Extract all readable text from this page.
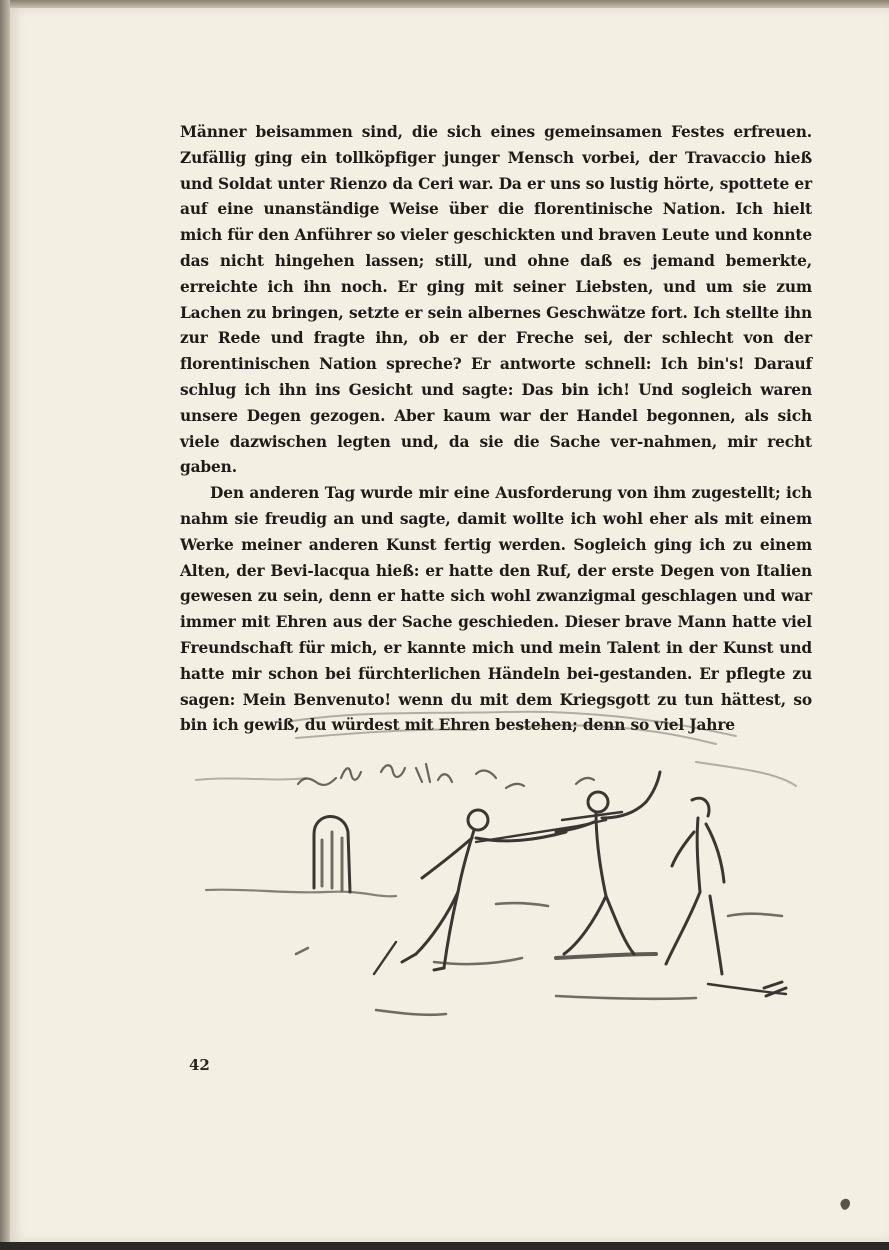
Männer beisammen sind, die sich eines gemeinsamen Festes erfreuen. Zufällig ging ein tollköpfiger junger Mensch vorbei, der Travaccio hieß und Soldat unter Rienzo da Ceri war. Da er uns so lustig hörte, spottete er auf eine unanständige Weise über die florentinische Nation. Ich hielt mich für den Anführer so vieler geschickten und braven Leute und konnte das nicht hingehen lassen; still, und ohne daß es jemand bemerkte, erreichte ich ihn noch. Er ging mit seiner Liebsten, und um sie zum Lachen zu bringen, setzte er sein albernes Geschwätze fort. Ich stellte ihn zur Rede und fragte ihn, ob er der Freche sei, der schlecht von der florentinischen Nation spreche? Er antworte schnell: Ich bin's! Darauf schlug ich ihn ins Gesicht und sagte: Das bin ich! Und sogleich waren unsere Degen gezogen. Aber kaum war der Handel begonnen, als sich viele dazwischen legten und, da sie die Sache ver-nahmen, mir recht gaben.

Den anderen Tag wurde mir eine Ausforderung von ihm zugestellt; ich nahm sie freudig an und sagte, damit wollte ich wohl eher als mit einem Werke meiner anderen Kunst fertig werden. Sogleich ging ich zu einem Alten, der Bevi-lacqua hieß: er hatte den Ruf, der erste Degen von Italien gewesen zu sein, denn er hatte sich wohl zwanzigmal geschlagen und war immer mit Ehren aus der Sache geschieden. Dieser brave Mann hatte viel Freundschaft für mich, er kannte mich und mein Talent in der Kunst und hatte mir schon bei fürchterlichen Händeln bei-gestanden. Er pflegte zu sagen: Mein Benvenuto! wenn du mit dem Kriegsgott zu tun hättest, so bin ich gewiß, du würdest mit Ehren bestehen; denn so viel Jahre

42
